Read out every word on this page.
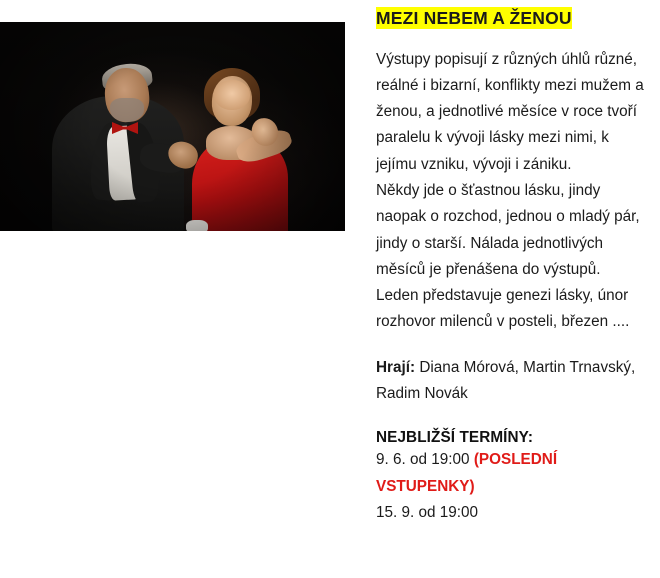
MEZI NEBEM A ŽENOU

Výstupy popisují z různých úhlů různé, reálné i bizarní, konflikty mezi mužem a ženou, a jednotlivé měsíce v roce tvoří paralelu k vývoji lásky mezi nimi, k jejímu vzniku, vývoji i zániku.

Někdy jde o šťastnou lásku, jindy naopak o rozchod, jednou o mladý pár, jindy o starší. Nálada jednotlivých měsíců je přenášena do výstupů. Leden představuje genezi lásky, únor rozhovor milenců v posteli, březen ....

Hrají: Diana Mórová, Martin Trnavský, Radim Novák
NEJBLIŽŠÍ TERMÍNY:
9. 6. od 19:00 (POSLEDNÍ VSTUPENKY)
15. 9. od 19:00
